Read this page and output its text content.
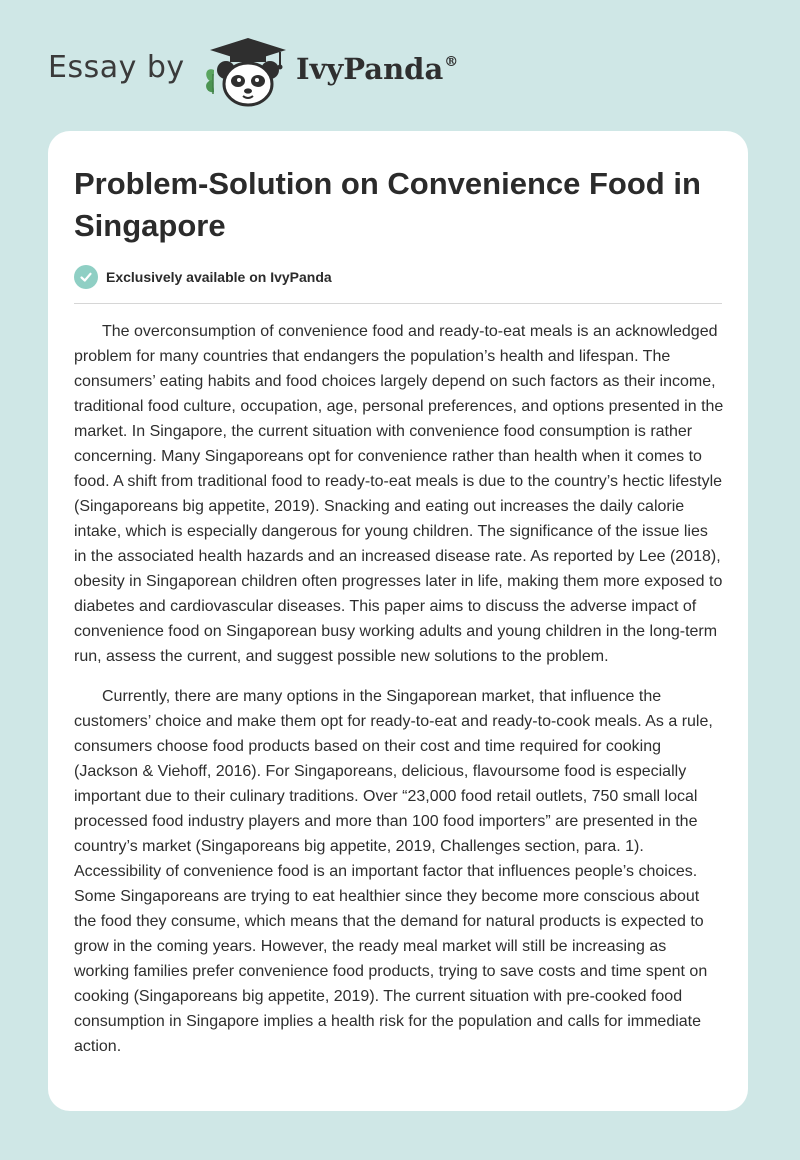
Essay by	IvyPanda®
Problem-Solution on Convenience Food in Singapore
Exclusively available on IvyPanda

The overconsumption of convenience food and ready-to-eat meals is an acknowledged problem for many countries that endangers the population’s health and lifespan. The consumers’ eating habits and food choices largely depend on such factors as their income, traditional food culture, occupation, age, personal preferences, and options presented in the market. In Singapore, the current situation with convenience food consumption is rather concerning. Many Singaporeans opt for convenience rather than health when it comes to food. A shift from traditional food to ready-to-eat meals is due to the country’s hectic lifestyle (Singaporeans big appetite, 2019). Snacking and eating out increases the daily calorie intake, which is especially dangerous for young children. The significance of the issue lies in the associated health hazards and an increased disease rate. As reported by Lee (2018), obesity in Singaporean children often progresses later in life, making them more exposed to diabetes and cardiovascular diseases. This paper aims to discuss the adverse impact of convenience food on Singaporean busy working adults and young children in the long-term run, assess the current, and suggest possible new solutions to the problem.

Currently, there are many options in the Singaporean market, that influence the customers’ choice and make them opt for ready-to-eat and ready-to-cook meals. As a rule, consumers choose food products based on their cost and time required for cooking (Jackson & Viehoff, 2016). For Singaporeans, delicious, flavoursome food is especially important due to their culinary traditions. Over “23,000 food retail outlets, 750 small local processed food industry players and more than 100 food importers” are presented in the country’s market (Singaporeans big appetite, 2019, Challenges section, para. 1). Accessibility of convenience food is an important factor that influences people’s choices. Some Singaporeans are trying to eat healthier since they become more conscious about the food they consume, which means that the demand for natural products is expected to grow in the coming years. However, the ready meal market will still be increasing as working families prefer convenience food products, trying to save costs and time spent on cooking (Singaporeans big appetite, 2019). The current situation with pre-cooked food consumption in Singapore implies a health risk for the population and calls for immediate action.
